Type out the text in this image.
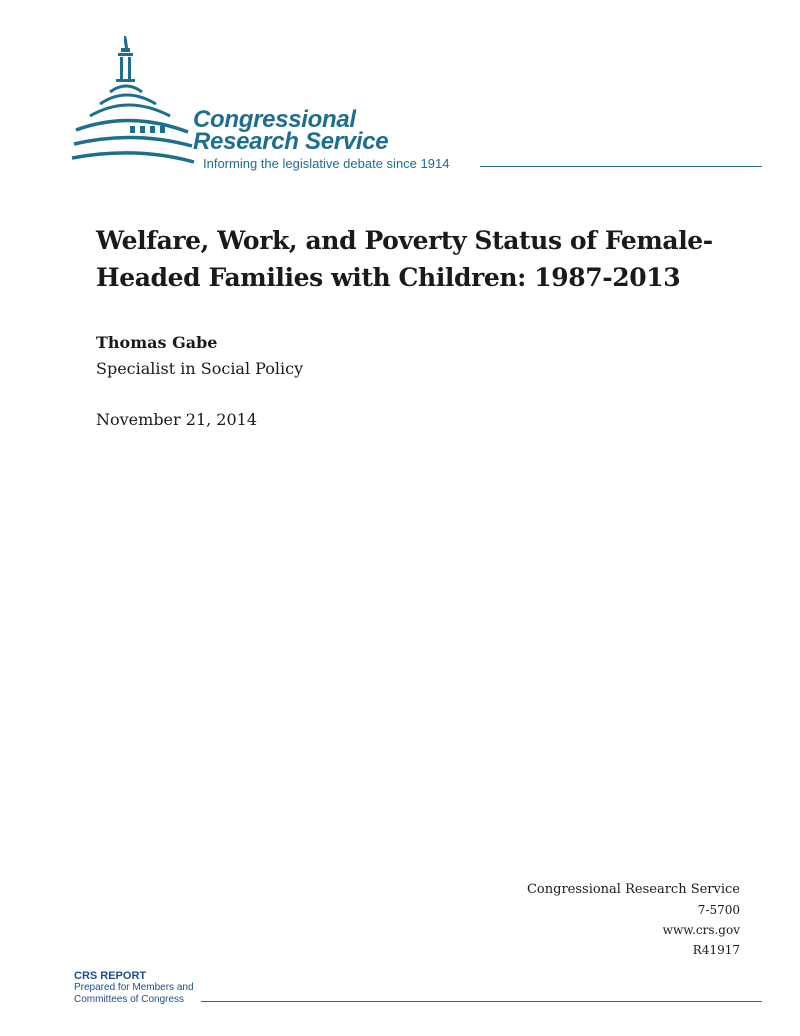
Congressional
Research Service
Informing the legislative debate since 1914
Welfare, Work, and Poverty Status of Female-Headed Families with Children: 1987-2013
Thomas Gabe
Specialist in Social Policy
November 21, 2014
Congressional Research Service
7-5700
www.crs.gov
R41917
CRS REPORT
Prepared for Members and
Committees of Congress
